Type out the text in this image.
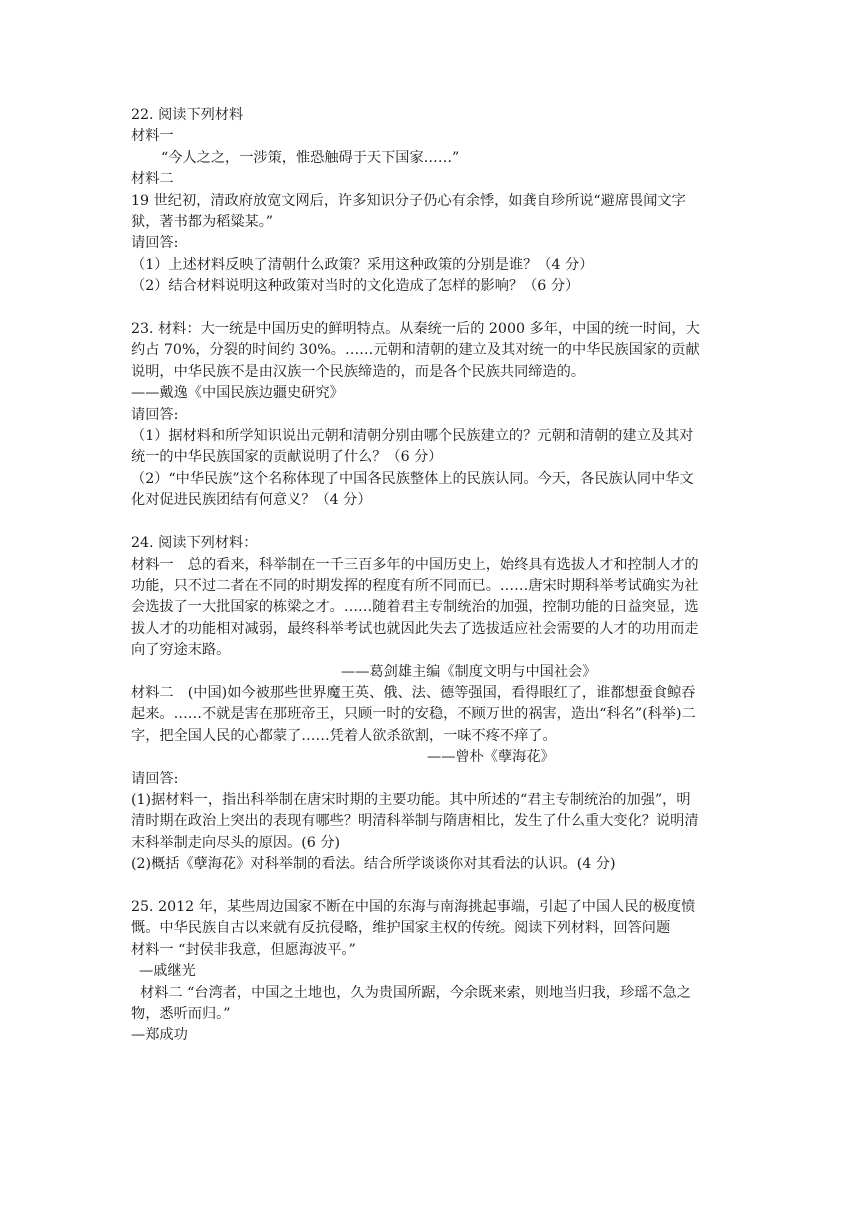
22. 阅读下列材料
材料一
“今人之之，一涉策，惟恐触碍于天下国家……”
材料二
19 世纪初，清政府放宽文网后，许多知识分子仍心有余悸，如龚自珍所说“避席畏闻文字
狱，著书都为稻粱某。”
请回答:
（1）上述材料反映了清朝什么政策？采用这种政策的分别是谁？（4 分）
（2）结合材料说明这种政策对当时的文化造成了怎样的影响？（6 分）
23. 材料：大一统是中国历史的鲜明特点。从秦统一后的 2000 多年，中国的统一时间，大
约占 70%，分裂的时间约 30%。……元朝和清朝的建立及其对统一的中华民族国家的贡献
说明，中华民族不是由汉族一个民族缔造的，而是各个民族共同缔造的。
——戴逸《中国民族边疆史研究》
请回答:
（1）据材料和所学知识说出元朝和清朝分别由哪个民族建立的？元朝和清朝的建立及其对
统一的中华民族国家的贡献说明了什么？（6 分）
（2）“中华民族”这个名称体现了中国各民族整体上的民族认同。今天，各民族认同中华文
化对促进民族团结有何意义？（4 分）
24. 阅读下列材料：
材料一　总的看来，科举制在一千三百多年的中国历史上，始终具有选拔人才和控制人才的
功能，只不过二者在不同的时期发挥的程度有所不同而已。……唐宋时期科举考试确实为社
会选拔了一大批国家的栋梁之才。……随着君主专制统治的加强，控制功能的日益突显，选
拔人才的功能相对减弱，最终科举考试也就因此失去了选拔适应社会需要的人才的功用而走
向了穷途末路。
——葛剑雄主编《制度文明与中国社会》
材料二　(中国)如今被那些世界魔王英、俄、法、德等强国，看得眼红了，谁都想蚕食鲸吞
起来。……不就是害在那班帝王，只顾一时的安稳，不顾万世的祸害，造出“科名”(科举)二
字，把全国人民的心都蒙了……凭着人欲杀欲割，一味不疼不痒了。
——曾朴《孽海花》
请回答:
(1)据材料一，指出科举制在唐宋时期的主要功能。其中所述的“君主专制统治的加强”，明
清时期在政治上突出的表现有哪些？明清科举制与隋唐相比，发生了什么重大变化？说明清
末科举制走向尽头的原因。(6 分)
(2)概括《孽海花》对科举制的看法。结合所学谈谈你对其看法的认识。(4 分)
25. 2012 年，某些周边国家不断在中国的东海与南海挑起事端，引起了中国人民的极度愤
慨。中华民族自古以来就有反抗侵略，维护国家主权的传统。阅读下列材料，回答问题
材料一 “封侯非我意，但愿海波平。”
—戚继光
材料二 “台湾者，中国之土地也，久为贵国所踞，今余既来索，则地当归我，珍瑶不急之
物，悉听而归。”
—郑成功
